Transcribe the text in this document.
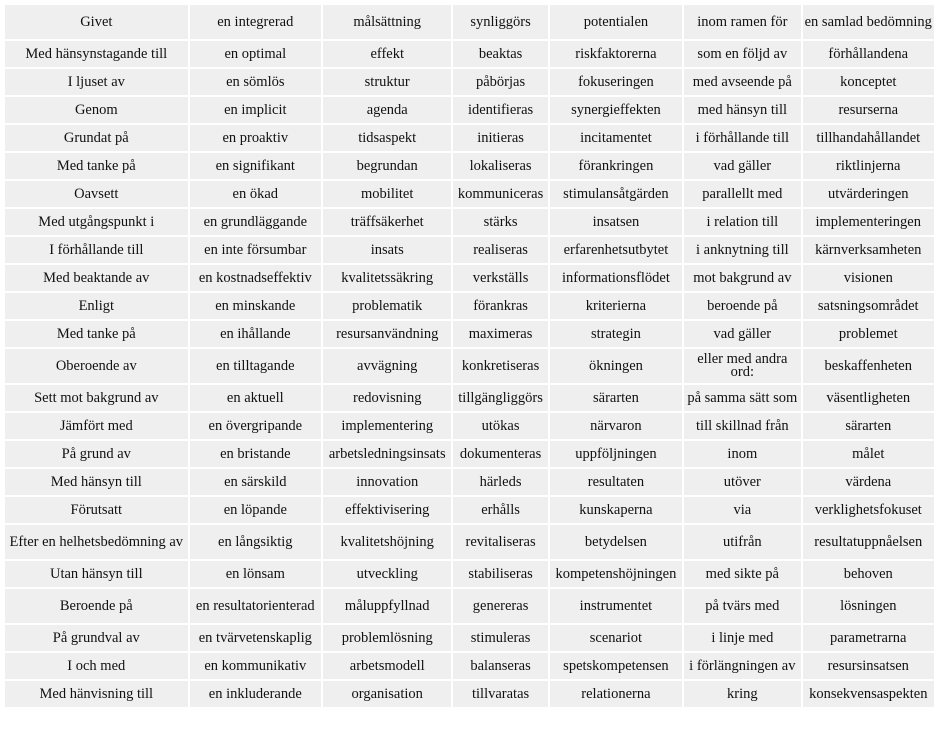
Givet	en integrerad	målsättning	synliggörs	potentialen	inom ramen för	en samlad bedömning
Med hänsynstagande till	en optimal	effekt	beaktas	riskfaktorerna	som en följd av	förhållandena
I ljuset av	en sömlös	struktur	påbörjas	fokuseringen	med avseende på	konceptet
Genom	en implicit	agenda	identifieras	synergieffekten	med hänsyn till	resurserna
Grundat på	en proaktiv	tidsaspekt	initieras	incitamentet	i förhållande till	tillhandahållandet
Med tanke på	en signifikant	begrundan	lokaliseras	förankringen	vad gäller	riktlinjerna
Oavsett	en ökad	mobilitet	kommuniceras	stimulansåtgärden	parallellt med	utvärderingen
Med utgångspunkt i	en grundläggande	träffsäkerhet	stärks	insatsen	i relation till	implementeringen
I förhållande till	en inte försumbar	insats	realiseras	erfarenhetsutbytet	i anknytning till	kärnverksamheten
Med beaktande av	en kostnadseffektiv	kvalitetssäkring	verkställs	informationsflödet	mot bakgrund av	visionen
Enligt	en minskande	problematik	förankras	kriterierna	beroende på	satsningsområdet
Med tanke på	en ihållande	resursanvändning	maximeras	strategin	vad gäller	problemet
Oberoende av	en tilltagande	avvägning	konkretiseras	ökningen	eller med andra ord:	beskaffenheten
Sett mot bakgrund av	en aktuell	redovisning	tillgängliggörs	särarten	på samma sätt som	väsentligheten
Jämfört med	en övergripande	implementering	utökas	närvaron	till skillnad från	särarten
På grund av	en bristande	arbetsledningsinsats	dokumenteras	uppföljningen	inom	målet
Med hänsyn till	en särskild	innovation	härleds	resultaten	utöver	värdena
Förutsatt	en löpande	effektivisering	erhålls	kunskaperna	via	verklighetsfokuset
Efter en helhetsbedömning av	en långsiktig	kvalitetshöjning	revitaliseras	betydelsen	utifrån	resultatuppnåelsen
Utan hänsyn till	en lönsam	utveckling	stabiliseras	kompetenshöjningen	med sikte på	behoven
Beroende på	en resultatorienterad	måluppfyllnad	genereras	instrumentet	på tvärs med	lösningen
På grundval av	en tvärvetenskaplig	problemlösning	stimuleras	scenariot	i linje med	parametrarna
I och med	en kommunikativ	arbetsmodell	balanseras	spetskompetensen	i förlängningen av	resursinsatsen
Med hänvisning till	en inkluderande	organisation	tillvaratas	relationerna	kring	konsekvensaspekten
